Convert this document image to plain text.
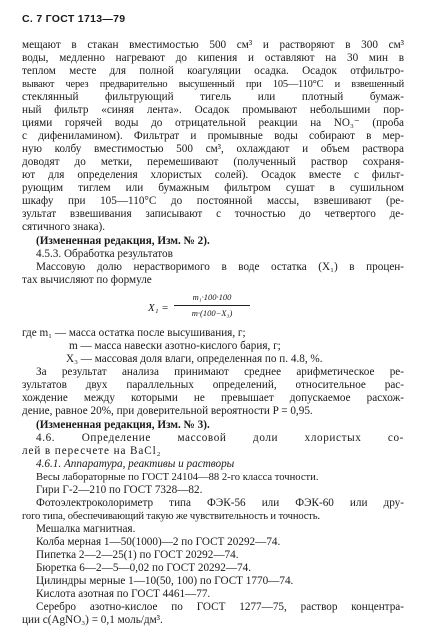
С. 7 ГОСТ 1713—79
мещают в стакан вместимостью 500 см³ и растворяют в 300 см³
воды, медленно нагревают до кипения и оставляют на 30 мин в
теплом месте для полной коагуляции осадка. Осадок отфильтро-
вывают через предварительно высушенный при 105—110°С и взвешенный
стеклянный фильтрующий тигель или плотный бумаж-
ный фильтр «синяя лента». Осадок промывают небольшими пор-
циями горячей воды до отрицательной реакции на NO₃⁻ (проба
с дифениламином). Фильтрат и промывные воды собирают в мер-
ную колбу вместимостью 500 см³, охлаждают и объем раствора
доводят до метки, перемешивают (полученный раствор сохраня-
ют для определения хлористых солей). Осадок вместе с фильт-
рующим тиглем или бумажным фильтром сушат в сушильном
шкафу при 105—110°С до постоянной массы, взвешивают (ре-
зультат взвешивания записывают с точностью до четвертого де-
сятичного знака).
(Измененная редакция, Изм. № 2).
4.5.3. Обработка результатов
Массовую долю нерастворимого в воде остатка (X₁) в процен-
тах вычисляют по формуле
X₁ =
m₁·100·100
m·(100−X₃)
где m₁ — масса остатка после высушивания, г;
m — масса навески азотно-кислого бария, г;
X₃ — массовая доля влаги, определенная по п. 4.8, %.
За результат анализа принимают среднее арифметическое ре-
зультатов двух параллельных определений, относительное рас-
хождение между которыми не превышает допускаемое расхож-
дение, равное 20%, при доверительной вероятности P = 0,95.
(Измененная редакция, Изм. № 3).
4.6. Определение массовой доли хлористых со-
лей в пересчете на BaCl₂
4.6.1. Аппаратура, реактивы и растворы
Весы лабораторные по ГОСТ 24104—88 2-го класса точности.
Гири Г-2—210 по ГОСТ 7328—82.
Фотоэлектроколориметр типа ФЭК-56 или ФЭК-60 или дру-
гого типа, обеспечивающий такую же чувствительность и точность.
Мешалка магнитная.
Колба мерная 1—50(1000)—2 по ГОСТ 20292—74.
Пипетка 2—2—25(1) по ГОСТ 20292—74.
Бюретка 6—2—5—0,02 по ГОСТ 20292—74.
Цилиндры мерные 1—10(50, 100) по ГОСТ 1770—74.
Кислота азотная по ГОСТ 4461—77.
Серебро азотно-кислое по ГОСТ 1277—75, раствор концентра-
ции с(AgNO₃) = 0,1 моль/дм³.
